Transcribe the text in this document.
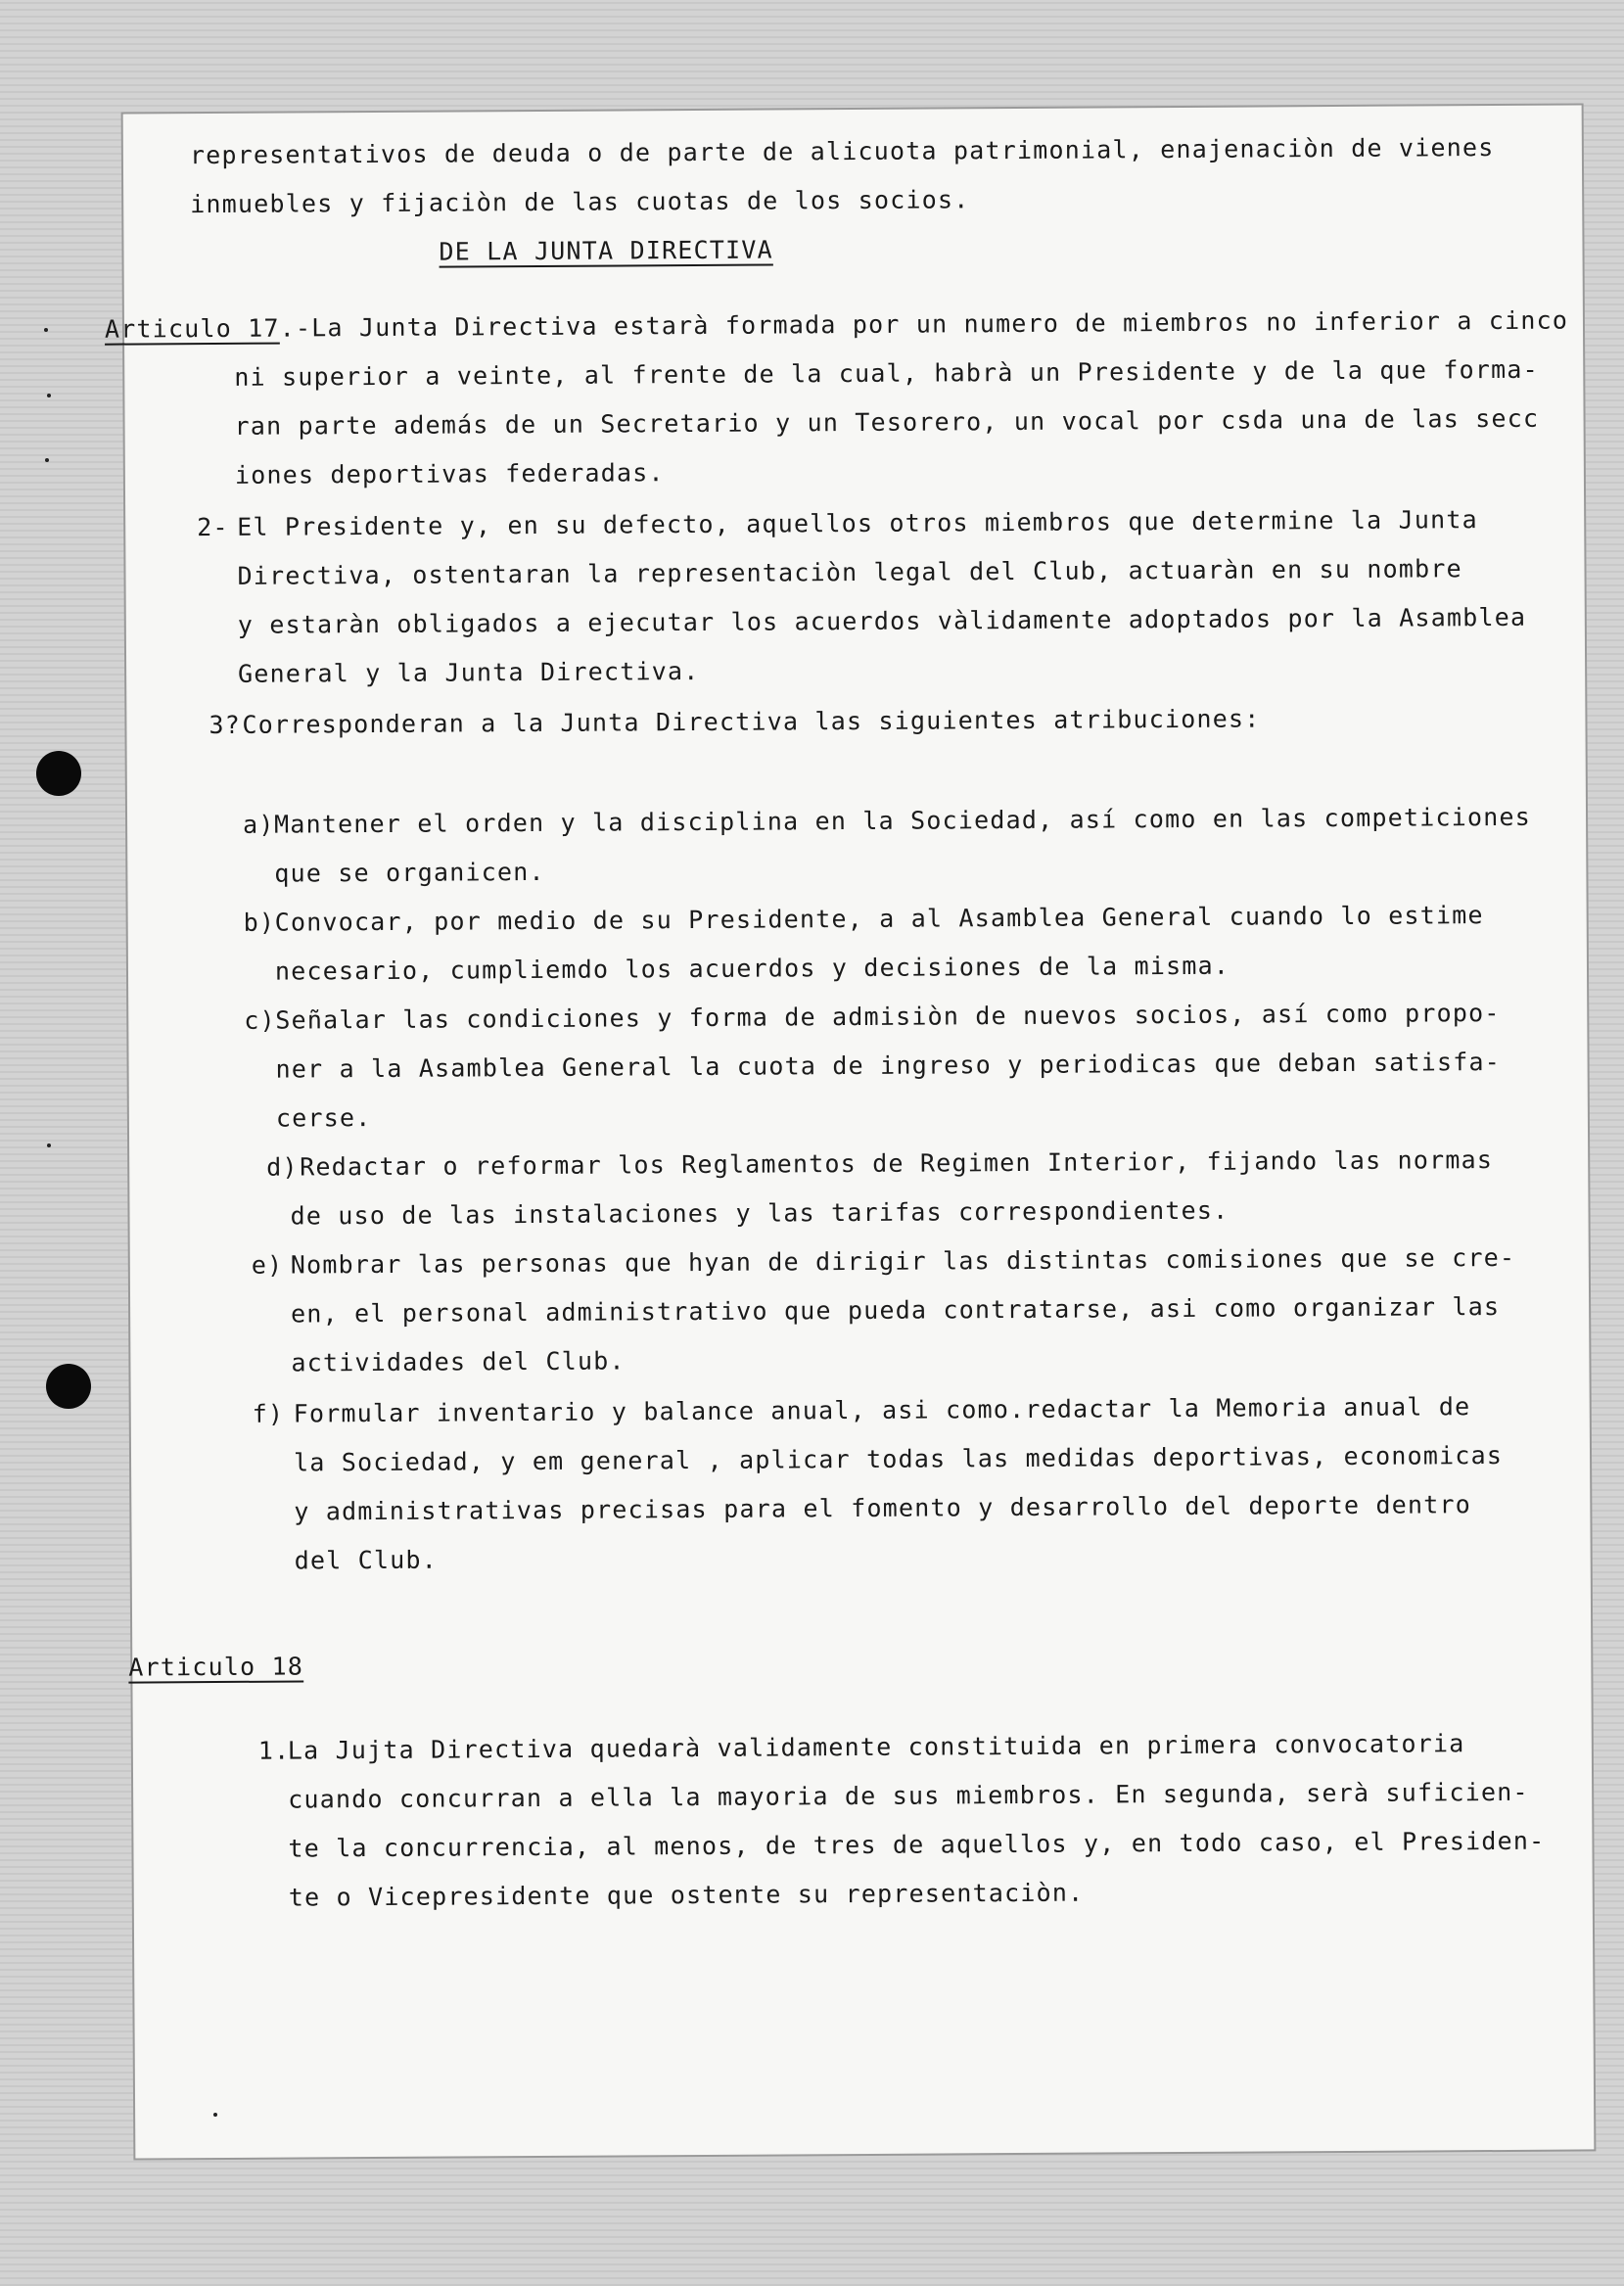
representativos de deuda o de parte de alicuota patrimonial, enajenaciòn de vienes
inmuebles y fijaciòn de las cuotas de los socios.
DE LA JUNTA DIRECTIVA
Articulo 17.-La Junta Directiva estarà formada por un numero de miembros no inferior a cinco
ni superior a veinte, al frente de la cual, habrà un Presidente y de la que forma-
ran parte además de un Secretario y un Tesorero, un vocal por csda una de las secc
iones deportivas federadas.
2- El Presidente y, en su defecto, aquellos otros miembros que determine la Junta
Directiva, ostentaran la representaciòn legal del Club, actuaràn en su nombre
y estaràn obligados a ejecutar los acuerdos vàlidamente adoptados por la Asamblea
General y la Junta Directiva.
3? Corresponderan a la Junta Directiva las siguientes atribuciones:
a) Mantener el orden y la disciplina en la Sociedad, así como en las competiciones
que se organicen.
b) Convocar, por medio de su Presidente, a al Asamblea General cuando lo estime
necesario, cumpliemdo los acuerdos y decisiones de la misma.
c) Señalar las condiciones y forma de admisiòn de nuevos socios, así como propo-
ner a la Asamblea General la cuota de ingreso y periodicas que deban satisfa-
cerse.
d) Redactar o reformar los Reglamentos de Regimen Interior, fijando las normas
de uso de las instalaciones y las tarifas correspondientes.
e) Nombrar las personas que hyan de dirigir las distintas comisiones que se cre-
en, el personal administrativo que pueda contratarse, asi como organizar las
actividades del Club.
f) Formular inventario y balance anual, asi como.redactar la Memoria anual de
la Sociedad, y em general , aplicar todas las medidas deportivas, economicas
y administrativas precisas para el fomento y desarrollo del deporte dentro
del Club.
Articulo 18
1.
La Jujta Directiva quedarà validamente constituida en primera convocatoria
cuando concurran a ella la mayoria de sus miembros. En segunda, serà suficien-
te la concurrencia, al menos, de tres de aquellos y, en todo caso, el Presiden-
te o Vicepresidente que ostente su representaciòn.
